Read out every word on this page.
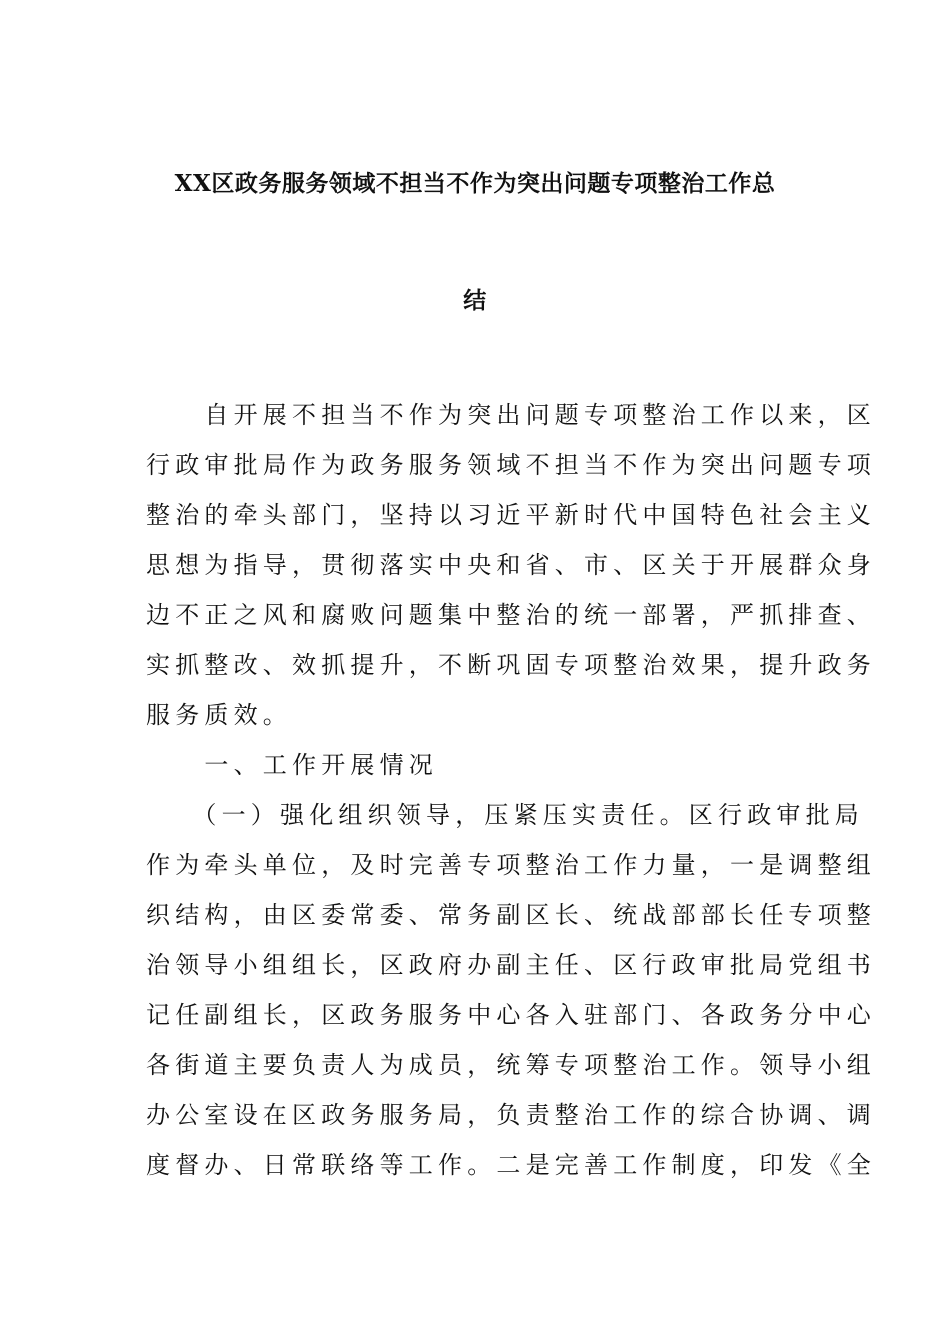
XX区政务服务领域不担当不作为突出问题专项整治工作总
结

　　自开展不担当不作为突出问题专项整治工作以来，区

行政审批局作为政务服务领域不担当不作为突出问题专项

整治的牵头部门，坚持以习近平新时代中国特色社会主义

思想为指导，贯彻落实中央和省、市、区关于开展群众身

边不正之风和腐败问题集中整治的统一部署，严抓排查、

实抓整改、效抓提升，不断巩固专项整治效果，提升政务

服务质效。

　　一、工作开展情况

　　（一）强化组织领导，压紧压实责任。区行政审批局

作为牵头单位，及时完善专项整治工作力量，一是调整组

织结构，由区委常委、常务副区长、统战部部长任专项整

治领导小组组长，区政府办副主任、区行政审批局党组书

记任副组长，区政务服务中心各入驻部门、各政务分中心

各街道主要负责人为成员，统筹专项整治工作。领导小组

办公室设在区政务服务局，负责整治工作的综合协调、调

度督办、日常联络等工作。二是完善工作制度，印发《全
